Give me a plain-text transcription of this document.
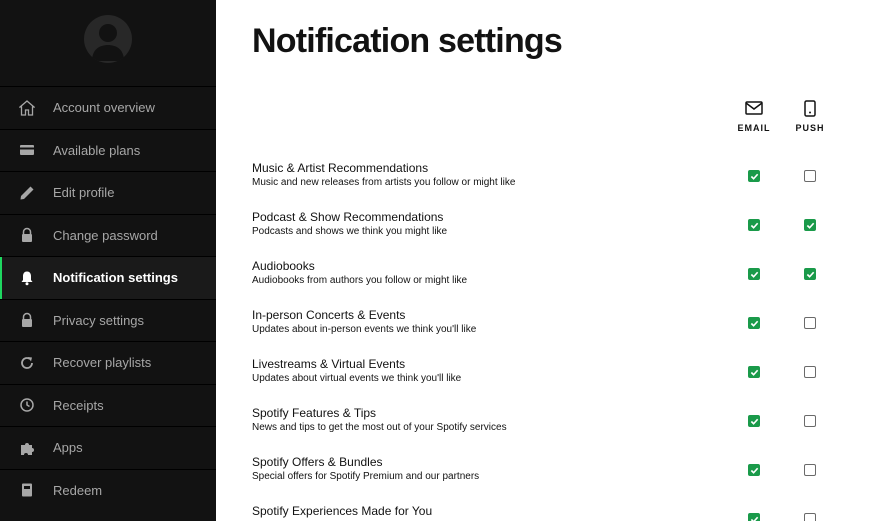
Account overview
Available plans
Edit profile
Change password
Notification settings
Privacy settings
Recover playlists
Receipts
Apps
Redeem
Notification settings
EMAIL	PUSH
Music & Artist Recommendations
Music and new releases from artists you follow or might like
Podcast & Show Recommendations
Podcasts and shows we think you might like
Audiobooks
Audiobooks from authors you follow or might like
In-person Concerts & Events
Updates about in-person events we think you'll like
Livestreams & Virtual Events
Updates about virtual events we think you'll like
Spotify Features & Tips
News and tips to get the most out of your Spotify services
Spotify Offers & Bundles
Special offers for Spotify Premium and our partners
Spotify Experiences Made for You
